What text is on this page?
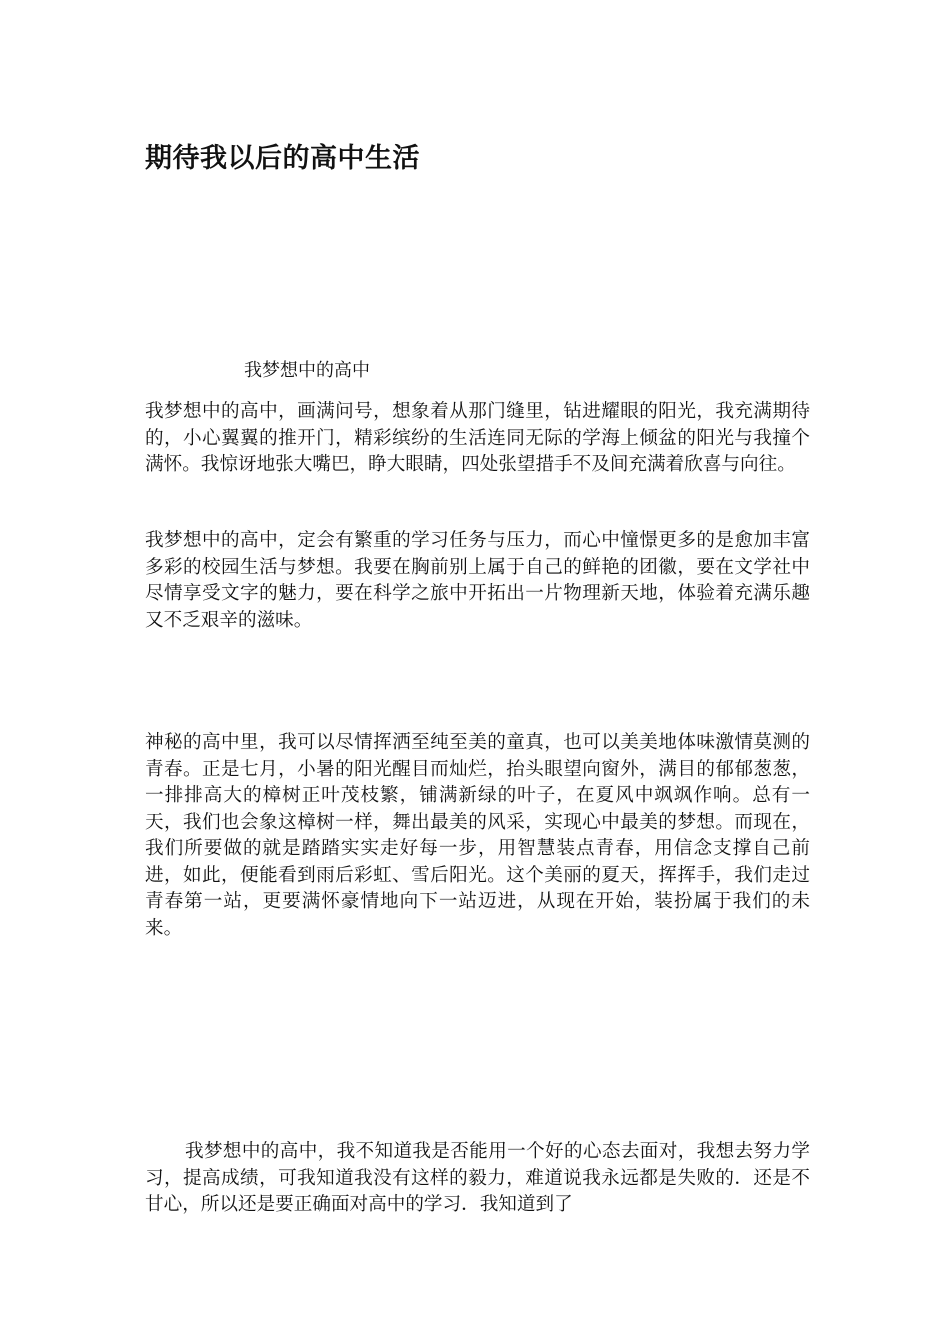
期待我以后的高中生活

我梦想中的高中

我梦想中的高中，画满问号，想象着从那门缝里，钻进耀眼的阳光，我充满期待的，小心翼翼的推开门，精彩缤纷的生活连同无际的学海上倾盆的阳光与我撞个满怀。我惊讶地张大嘴巴，睁大眼睛，四处张望措手不及间充满着欣喜与向往。

我梦想中的高中，定会有繁重的学习任务与压力，而心中憧憬更多的是愈加丰富多彩的校园生活与梦想。我要在胸前别上属于自己的鲜艳的团徽，要在文学社中尽情享受文字的魅力，要在科学之旅中开拓出一片物理新天地，体验着充满乐趣又不乏艰辛的滋味。

神秘的高中里，我可以尽情挥洒至纯至美的童真，也可以美美地体味激情莫测的青春。正是七月，小暑的阳光醒目而灿烂，抬头眼望向窗外，满目的郁郁葱葱，一排排高大的樟树正叶茂枝繁，铺满新绿的叶子，在夏风中飒飒作响。总有一天，我们也会象这樟树一样，舞出最美的风采，实现心中最美的梦想。而现在，我们所要做的就是踏踏实实走好每一步，用智慧装点青春，用信念支撑自己前进，如此，便能看到雨后彩虹、雪后阳光。这个美丽的夏天，挥挥手，我们走过青春第一站，更要满怀豪情地向下一站迈进，从现在开始，装扮属于我们的未来。

我梦想中的高中，我不知道我是否能用一个好的心态去面对，我想去努力学习，提高成绩，可我知道我没有这样的毅力，难道说我永远都是失败的．还是不甘心，所以还是要正确面对高中的学习．我知道到了
